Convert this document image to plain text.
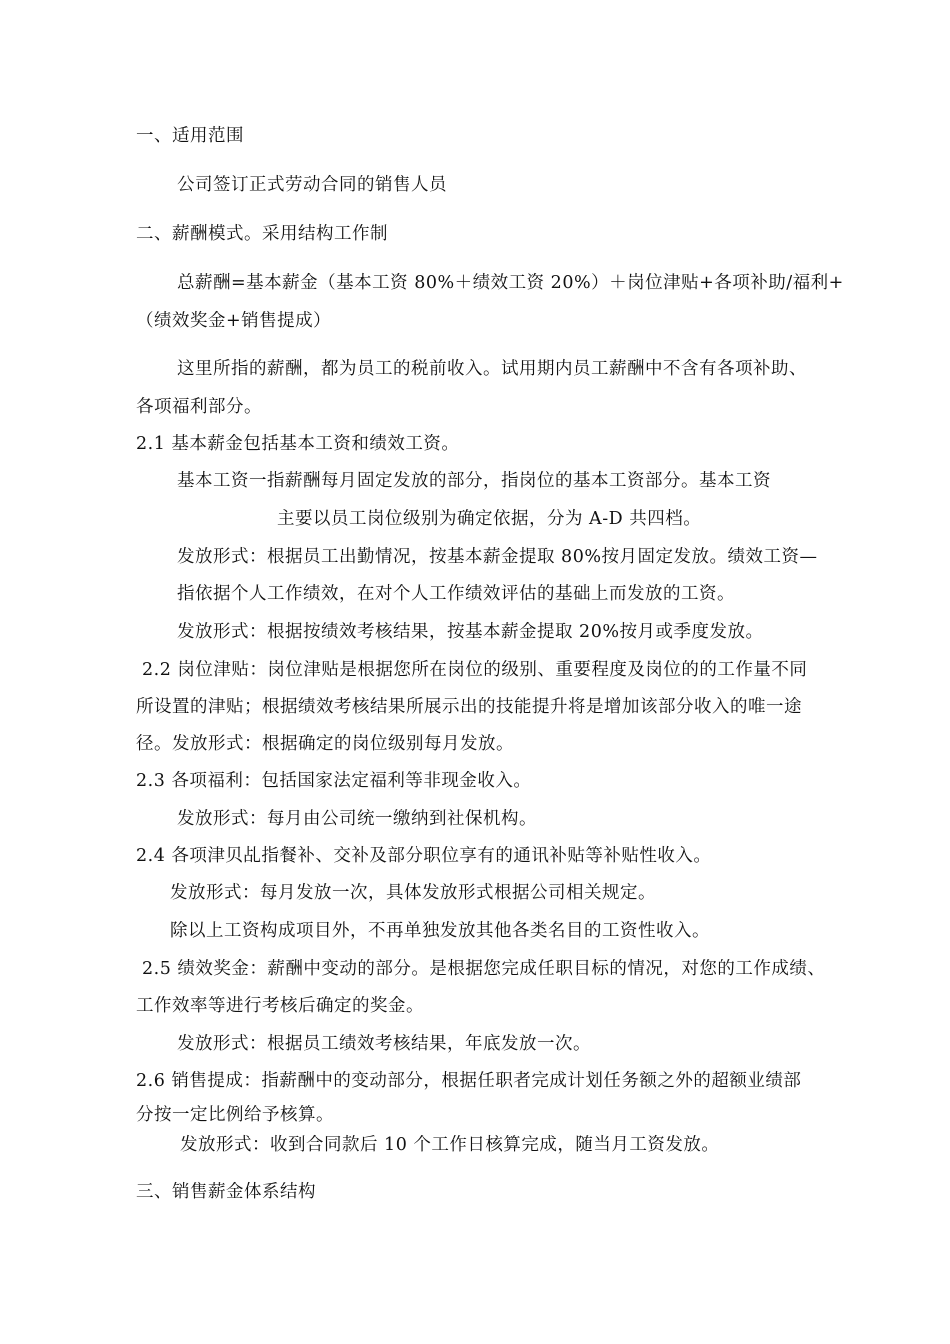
一、适用范围
公司签订正式劳动合同的销售人员
二、薪酬模式。采用结构工作制
总薪酬=基本薪金（基本工资 80%＋绩效工资 20%）＋岗位津贴+各项补助/福利+
（绩效奖金+销售提成）
这里所指的薪酬，都为员工的税前收入。试用期内员工薪酬中不含有各项补助、
各项福利部分。
2.1 基本薪金包括基本工资和绩效工资。
基本工资一指薪酬每月固定发放的部分，指岗位的基本工资部分。基本工资
主要以员工岗位级别为确定依据，分为 A-D 共四档。
发放形式：根据员工出勤情况，按基本薪金提取 80%按月固定发放。绩效工资—
指依据个人工作绩效，在对个人工作绩效评估的基础上而发放的工资。
发放形式：根据按绩效考核结果，按基本薪金提取 20%按月或季度发放。
2.2 岗位津贴：岗位津贴是根据您所在岗位的级别、重要程度及岗位的的工作量不同
所设置的津贴；根据绩效考核结果所展示出的技能提升将是增加该部分收入的唯一途
径。发放形式：根据确定的岗位级别每月发放。
2.3 各项福利：包括国家法定福利等非现金收入。
发放形式：每月由公司统一缴纳到社保机构。
2.4 各项津贝乩指餐补、交补及部分职位享有的通讯补贴等补贴性收入。
发放形式：每月发放一次，具体发放形式根据公司相关规定。
除以上工资构成项目外，不再单独发放其他各类名目的工资性收入。
2.5 绩效奖金：薪酬中变动的部分。是根据您完成任职目标的情况，对您的工作成绩、
工作效率等进行考核后确定的奖金。
发放形式：根据员工绩效考核结果，年底发放一次。
2.6 销售提成：指薪酬中的变动部分，根据任职者完成计划任务额之外的超额业绩部
分按一定比例给予核算。
发放形式：收到合同款后 10 个工作日核算完成，随当月工资发放。
三、销售薪金体系结构
